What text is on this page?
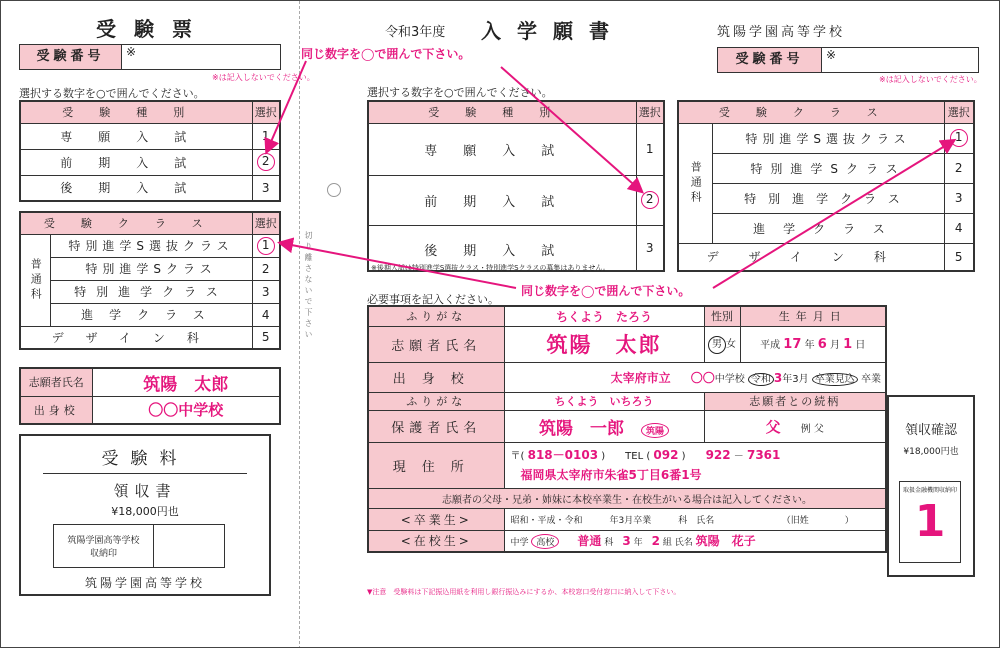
受験票
受験番号	※
※は記入しないでください。
選択する数字を○で囲んでください。
受験種別	選択
専願入試	1
前期入試	2
後期入試	3
受験クラス		選択
普通科	特別進学S選抜クラス	1
	特別進学Sクラス	2
	特別進学クラス	3
	進学クラス	4
デザイン科		5
志願者氏名	筑陽　太郎
出身校	〇〇中学校
受験料
領収書
¥18,000円也
筑陽学園高等学校
収納印
筑陽学園高等学校
切り離さないで下さい
令和3年度 入学願書	筑陽学園高等学校
受験番号	※
※は記入しないでください。
同じ数字を◯で囲んで下さい。
選択する数字を○で囲んでください。
受験種別	選択
専願入試	1
前期入試	2
後期入試	3
※後期入試は特別進学S選抜クラス・特別進学Sクラスの募集はありません。
受験クラス		選択
普通科	特別進学S選抜クラス	1
	特別進学Sクラス	2
	特別進学クラス	3
	進学クラス	4
デザイン科		5
同じ数字を◯で囲んで下さい。
必要事項を記入ください。
ふりがな	ちくよう　たろう	性別	生年月日
志願者氏名	筑陽　太郎	男 女	平成 17 年 6 月 1 日
出身校	太宰府市立　　 〇〇中学校 令和 3年3月 卒業見込 卒業		
ふりがな	ちくよう　いちろう	志願者との続柄	
保護者氏名	筑陽　一郎　 筑陽	父　　 例 父	
現住所	〒( 818－0103 )　　TEL ( 092 )　　922 － 7361
福岡県太宰府市朱雀5丁目6番1号		

志願者の父母・兄弟・姉妹に本校卒業生・在校生がいる場合は記入してください。			
<卒業生>	昭和・平成・令和　　　年3月卒業　　　科　氏名　　　　　　　　（旧姓　　　　）		
<在校生>	中学 高校　　 普通 科　 3 年　 2 組 氏名 筑陽　花子		
領収確認
¥18,000円也
取扱金融機関収納印
1
▼注意　受験料は下記振込用紙を利用し銀行振込みにするか、本校窓口受付窓口に納入して下さい。
